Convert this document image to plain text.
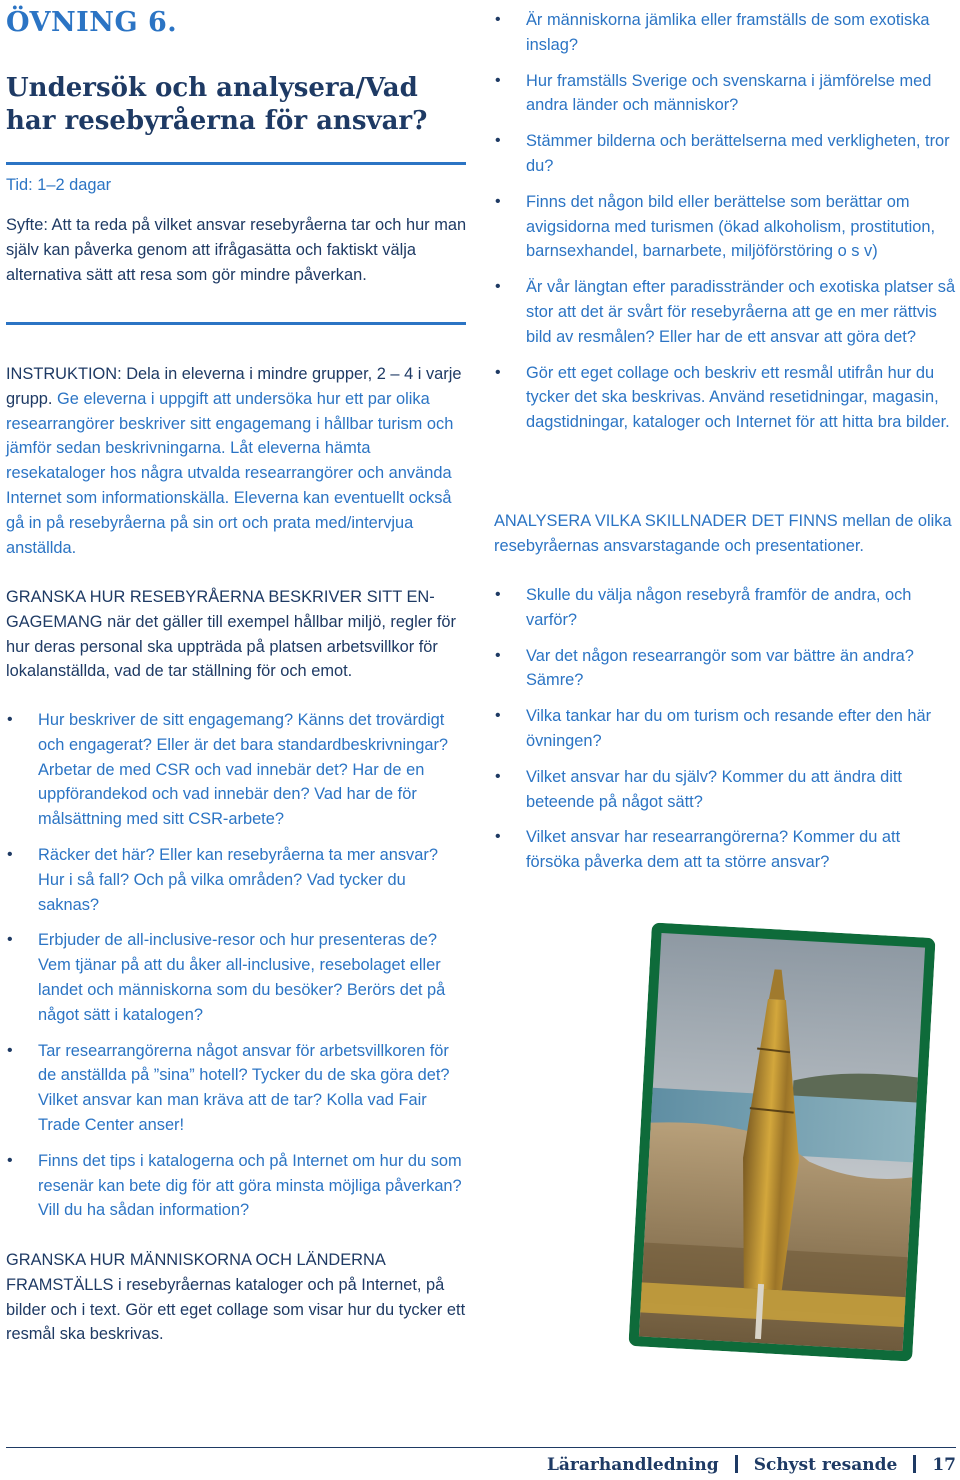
ÖVNING 6.
Undersök och analysera/Vad har resebyråerna för ansvar?

Tid: 1–2 dagar

Syfte: Att ta reda på vilket ansvar resebyråerna tar och hur man själv kan påverka genom att ifrågasätta och faktiskt välja alternativa sätt att resa som gör mindre påverkan.

INSTRUKTION: Dela in eleverna i mindre grupper, 2 – 4 i varje grupp. Ge eleverna i uppgift att undersöka hur ett par olika researrangörer beskriver sitt engagemang i hållbar turism och jämför sedan beskrivningarna. Låt eleverna hämta resekataloger hos några utvalda researrangörer och använda Internet som informationskälla. Eleverna kan eventuellt också gå in på resebyråerna på sin ort och prata med/intervjua anställda.

GRANSKA HUR RESEBYRÅERNA BESKRIVER SITT EN-GAGEMANG när det gäller till exempel hållbar miljö, regler för hur deras personal ska uppträda på platsen arbetsvillkor för lokalanställda, vad de tar ställning för och emot.

• Hur beskriver de sitt engagemang? Känns det trovärdigt och engagerat? Eller är det bara standardbeskrivningar? Arbetar de med CSR och vad innebär det? Har de en uppförandekod och vad innebär den? Vad har de för målsättning med sitt CSR-arbete?
• Räcker det här? Eller kan resebyråerna ta mer ansvar? Hur i så fall? Och på vilka områden? Vad tycker du saknas?
• Erbjuder de all-inclusive-resor och hur presenteras de? Vem tjänar på att du åker all-inclusive, resebolaget eller landet och människorna som du besöker? Berörs det på något sätt i katalogen?
• Tar researrangörerna något ansvar för arbetsvillkoren för de anställda på ”sina” hotell? Tycker du de ska göra det? Vilket ansvar kan man kräva att de tar? Kolla vad Fair Trade Center anser!
• Finns det tips i katalogerna och på Internet om hur du som resenär kan bete dig för att göra minsta möjliga påverkan? Vill du ha sådan information?

GRANSKA HUR MÄNNISKORNA OCH LÄNDERNA FRAMSTÄLLS i resebyråernas kataloger och på Internet, på bilder och i text. Gör ett eget collage som visar hur du tycker ett resmål ska beskrivas.

• Är människorna jämlika eller framställs de som exotiska inslag?
• Hur framställs Sverige och svenskarna i jämförelse med andra länder och människor?
• Stämmer bilderna och berättelserna med verkligheten, tror du?
• Finns det någon bild eller berättelse som berättar om avigsidorna med turismen (ökad alkoholism, prostitution, barnsexhandel, barnarbete, miljöförstöring o s v)
• Är vår längtan efter paradisstränder och exotiska platser så stor att det är svårt för resebyråerna att ge en mer rättvis bild av resmålen? Eller har de ett ansvar att göra det?
• Gör ett eget collage och beskriv ett resmål utifrån hur du tycker det ska beskrivas. Använd resetidningar, magasin, dagstidningar, kataloger och Internet för att hitta bra bilder.

ANALYSERA VILKA SKILLNADER DET FINNS mellan de olika resebyråernas ansvarstagande och presentationer.

• Skulle du välja någon resebyrå framför de andra, och varför?
• Var det någon researrangör som var bättre än andra? Sämre?
• Vilka tankar har du om turism och resande efter den här övningen?
• Vilket ansvar har du själv? Kommer du att ändra ditt beteende på något sätt?
• Vilket ansvar har researrangörerna? Kommer du att försöka påverka dem att ta större ansvar?
Lärarhandledning Schyst resande 17
